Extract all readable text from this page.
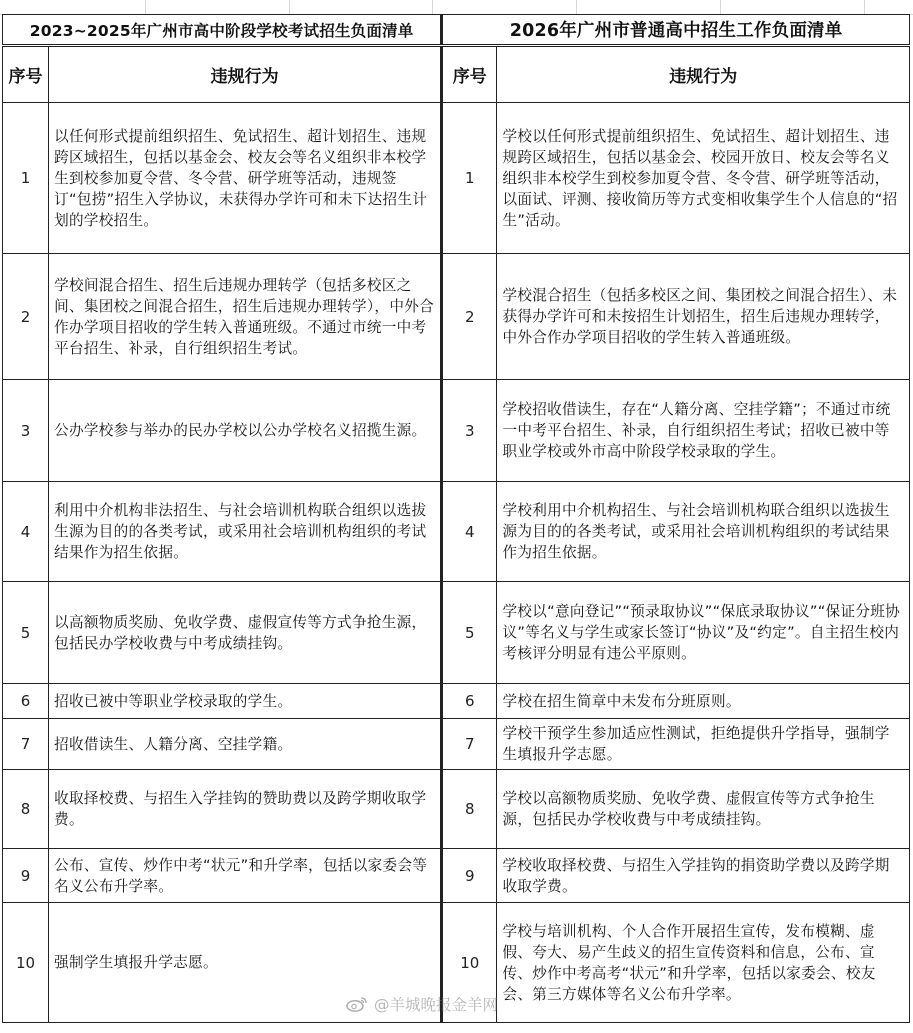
2023~2025年广州市高中阶段学校考试招生负面清单		2026年广州市普通高中招生工作负面清单	
序号	违规行为	序号	违规行为
1	以任何形式提前组织招生、免试招生、超计划招生、违规跨区域招生，包括以基金会、校友会等名义组织非本校学生到校参加夏令营、冬令营、研学班等活动，违规签订“包捞”招生入学协议，未获得办学许可和未下达招生计划的学校招生。	1	学校以任何形式提前组织招生、免试招生、超计划招生、违规跨区域招生，包括以基金会、校园开放日、校友会等名义组织非本校学生到校参加夏令营、冬令营、研学班等活动，以面试、评测、接收简历等方式变相收集学生个人信息的“招生”活动。
2	学校间混合招生、招生后违规办理转学（包括多校区之间、集团校之间混合招生，招生后违规办理转学），中外合作办学项目招收的学生转入普通班级。不通过市统一中考平台招生、补录，自行组织招生考试。	2	学校混合招生（包括多校区之间、集团校之间混合招生）、未获得办学许可和未按招生计划招生，招生后违规办理转学，中外合作办学项目招收的学生转入普通班级。
3	公办学校参与举办的民办学校以公办学校名义招揽生源。	3	学校招收借读生，存在“人籍分离、空挂学籍”；不通过市统一中考平台招生、补录，自行组织招生考试；招收已被中等职业学校或外市高中阶段学校录取的学生。
4	利用中介机构非法招生、与社会培训机构联合组织以选拔生源为目的的各类考试，或采用社会培训机构组织的考试结果作为招生依据。	4	学校利用中介机构招生、与社会培训机构联合组织以选拔生源为目的的各类考试，或采用社会培训机构组织的考试结果作为招生依据。
5	以高额物质奖励、免收学费、虚假宣传等方式争抢生源，包括民办学校收费与中考成绩挂钩。	5	学校以“意向登记”“预录取协议”“保底录取协议”“保证分班协议”等名义与学生或家长签订“协议”及“约定”。自主招生校内考核评分明显有违公平原则。
6	招收已被中等职业学校录取的学生。	6	学校在招生简章中未发布分班原则。
7	招收借读生、人籍分离、空挂学籍。	7	学校干预学生参加适应性测试，拒绝提供升学指导，强制学生填报升学志愿。
8	收取择校费、与招生入学挂钩的赞助费以及跨学期收取学费。	8	学校以高额物质奖励、免收学费、虚假宣传等方式争抢生源，包括民办学校收费与中考成绩挂钩。
9	公布、宣传、炒作中考“状元”和升学率，包括以家委会等名义公布升学率。	9	学校收取择校费、与招生入学挂钩的捐资助学费以及跨学期收取学费。
10	强制学生填报升学志愿。	10	学校与培训机构、个人合作开展招生宣传，发布模糊、虚假、夸大、易产生歧义的招生宣传资料和信息，公布、宣传、炒作中考高考“状元”和升学率，包括以家委会、校友会、第三方媒体等名义公布升学率。
@羊城晚报金羊网
